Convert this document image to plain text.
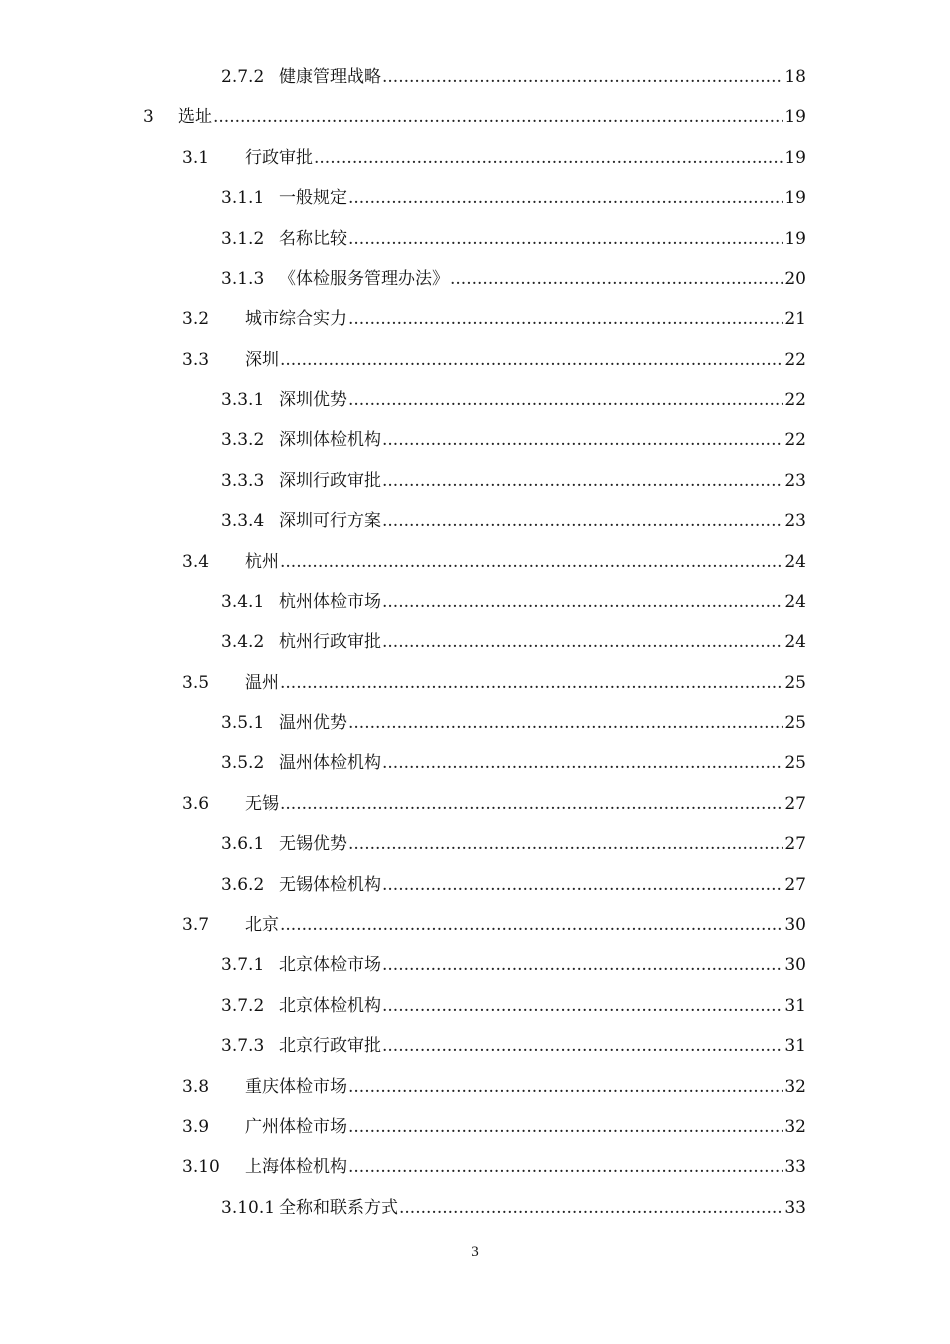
2.7.2 健康管理战略 .....	18
3 选址 .....	19
3.1 行政审批 .....	19
3.1.1 一般规定 .....	19
3.1.2 名称比较 .....	19
3.1.3 《体检服务管理办法》 .....	20
3.2 城市综合实力 .....	21
3.3 深圳 .....	22
3.3.1 深圳优势 .....	22
3.3.2 深圳体检机构 .....	22
3.3.3 深圳行政审批 .....	23
3.3.4 深圳可行方案 .....	23
3.4 杭州 .....	24
3.4.1 杭州体检市场 .....	24
3.4.2 杭州行政审批 .....	24
3.5 温州 .....	25
3.5.1 温州优势 .....	25
3.5.2 温州体检机构 .....	25
3.6 无锡 .....	27
3.6.1 无锡优势 .....	27
3.6.2 无锡体检机构 .....	27
3.7 北京 .....	30
3.7.1 北京体检市场 .....	30
3.7.2 北京体检机构 .....	31
3.7.3 北京行政审批 .....	31
3.8 重庆体检市场 .....	32
3.9 广州体检市场 .....	32
3.10 上海体检机构 .....	33
3.10.1 全称和联系方式 .....	33
3
